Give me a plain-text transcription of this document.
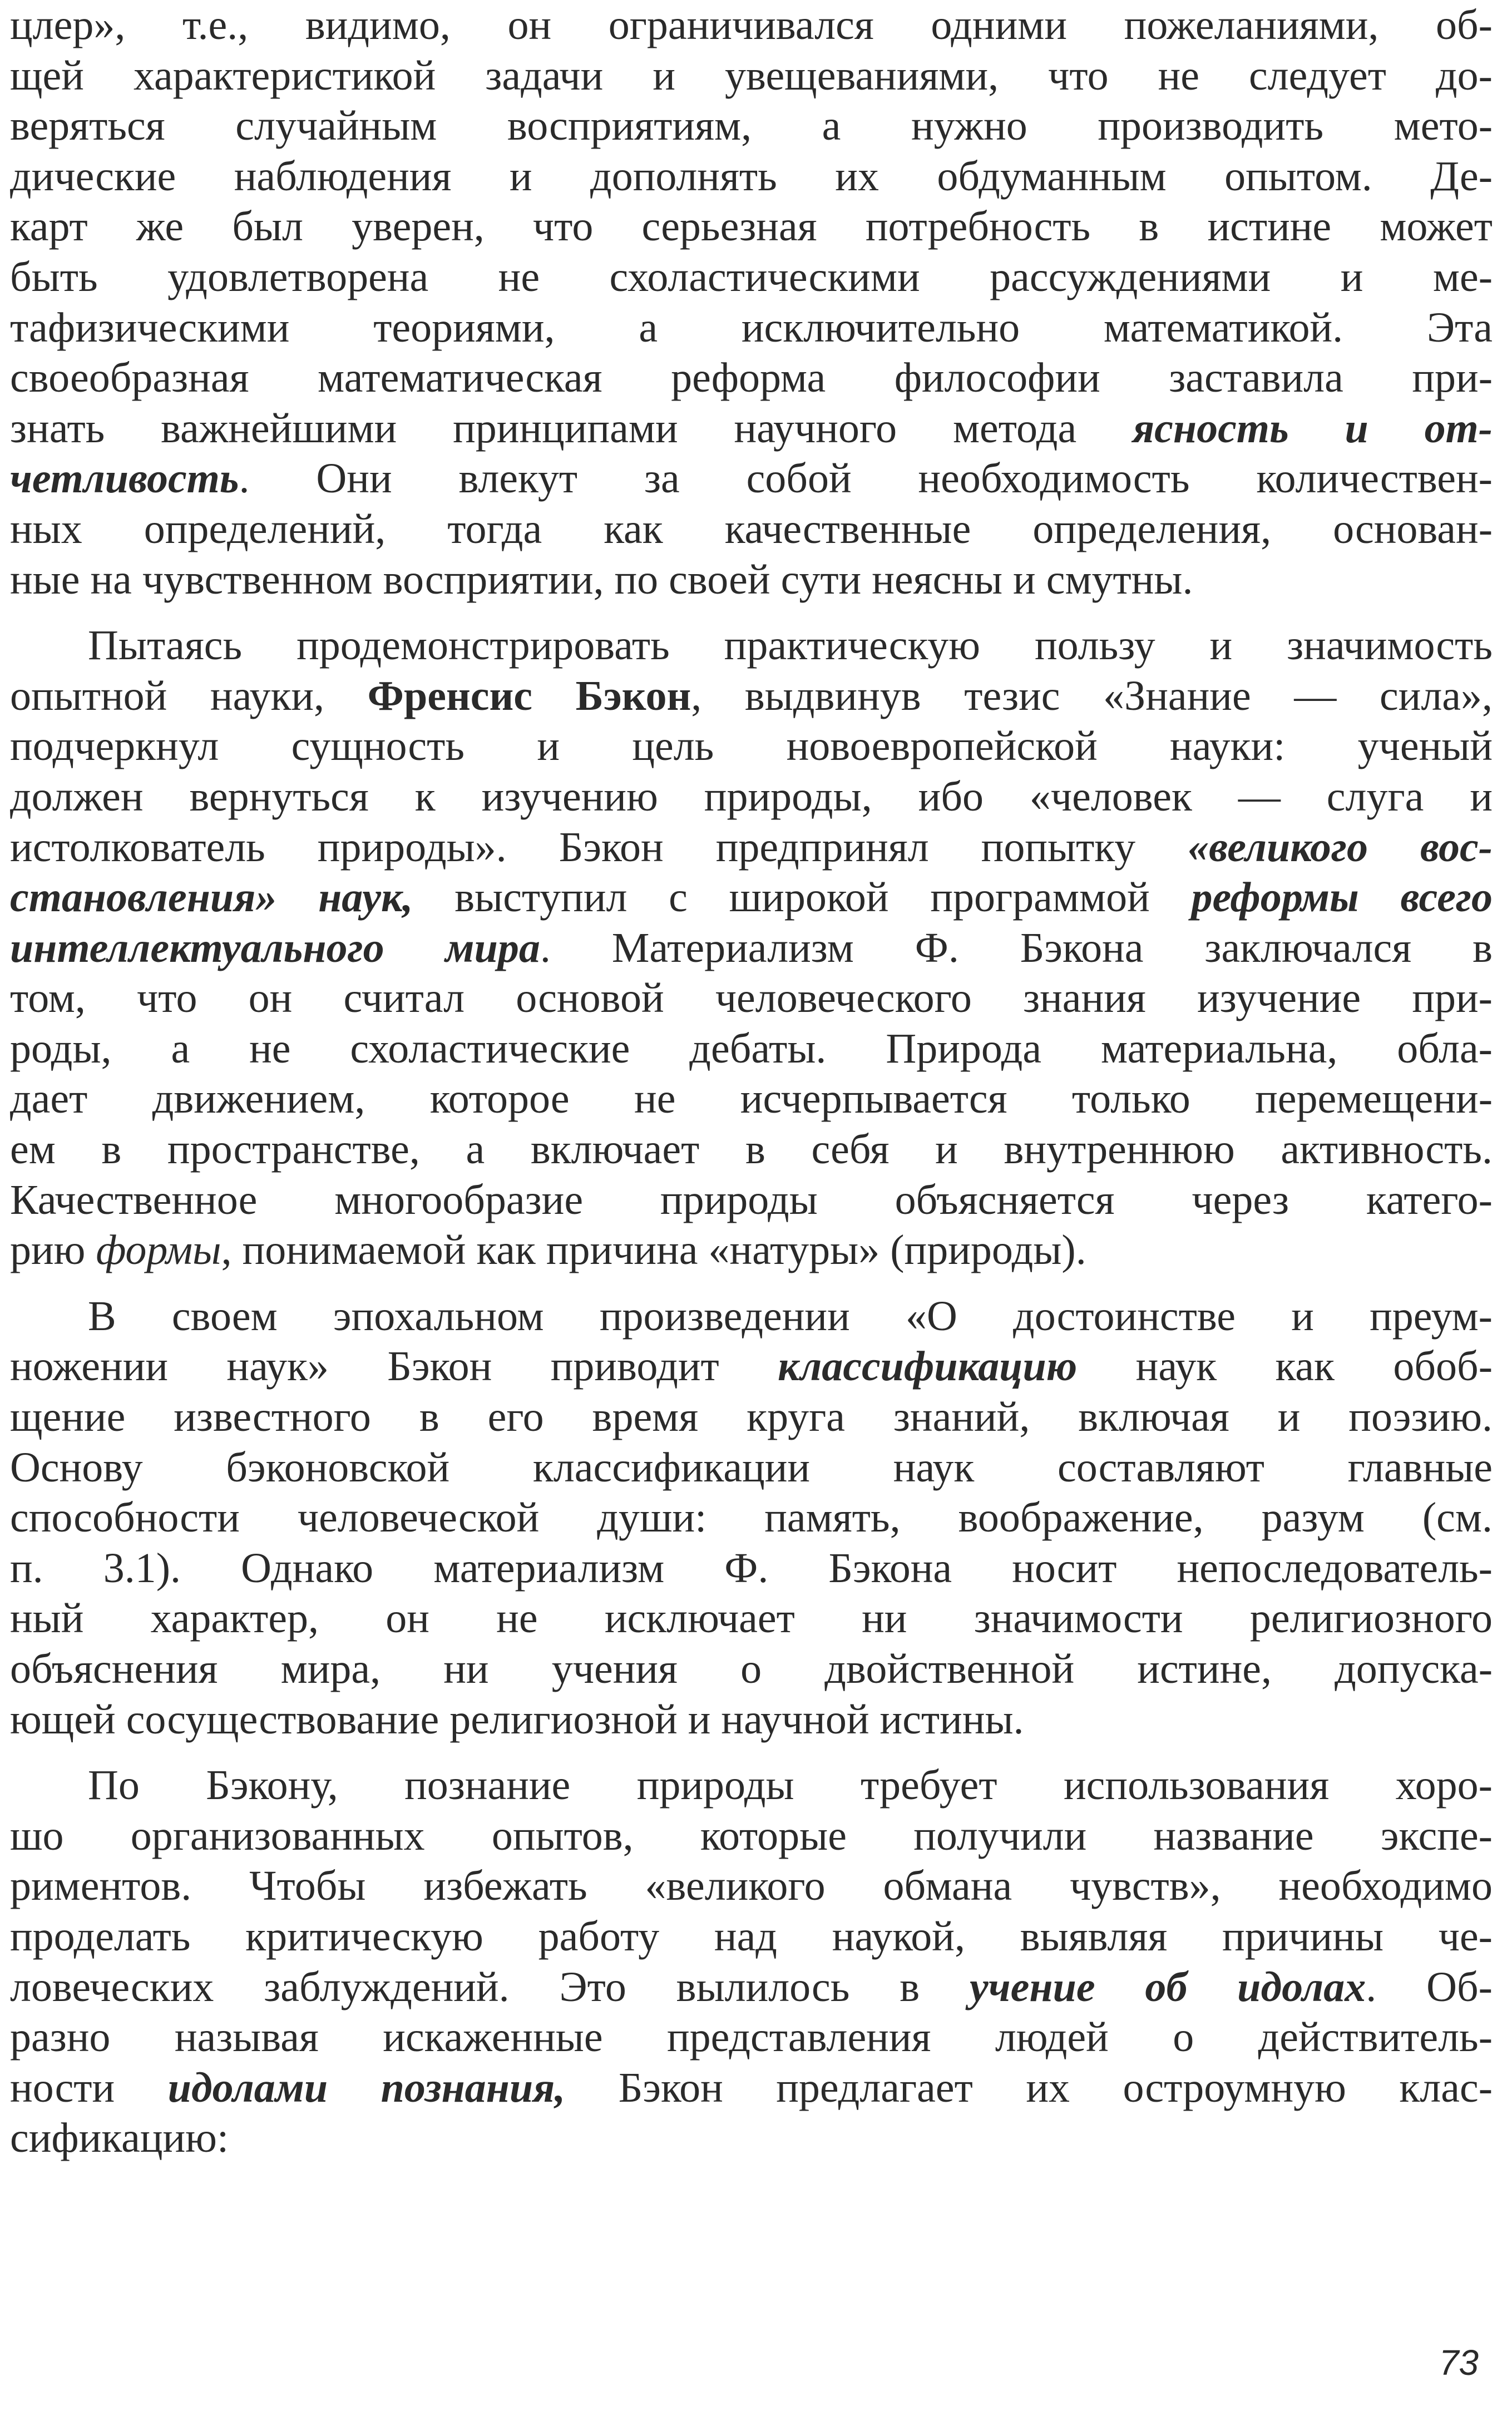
цлер», т.е., видимо, он ограничивался одними пожеланиями, об-
щей характеристикой задачи и увещеваниями, что не следует до-
веряться случайным восприятиям, а нужно производить мето-
дические наблюдения и дополнять их обдуманным опытом. Де-
карт же был уверен, что серьезная потребность в истине может
быть удовлетворена не схоластическими рассуждениями и ме-
тафизическими теориями, а исключительно математикой. Эта
своеобразная математическая реформа философии заставила при-
знать важнейшими принципами научного метода ясность и от-
четливость. Они влекут за собой необходимость количествен-
ных определений, тогда как качественные определения, основан-
ные на чувственном восприятии, по своей сути неясны и смутны.
Пытаясь продемонстрировать практическую пользу и значимость
опытной науки, Френсис Бэкон, выдвинув тезис «Знание — сила»,
подчеркнул сущность и цель новоевропейской науки: ученый
должен вернуться к изучению природы, ибо «человек — слуга и
истолкователь природы». Бэкон предпринял попытку «великого вос-
становления» наук, выступил с широкой программой реформы всего
интеллектуального мира. Материализм Ф. Бэкона заключался в
том, что он считал основой человеческого знания изучение при-
роды, а не схоластические дебаты. Природа материальна, обла-
дает движением, которое не исчерпывается только перемещени-
ем в пространстве, а включает в себя и внутреннюю активность.
Качественное многообразие природы объясняется через катего-
рию формы, понимаемой как причина «натуры» (природы).
В своем эпохальном произведении «О достоинстве и преум-
ножении наук» Бэкон приводит классификацию наук как обоб-
щение известного в его время круга знаний, включая и поэзию.
Основу бэконовской классификации наук составляют главные
способности человеческой души: память, воображение, разум (см.
п. 3.1). Однако материализм Ф. Бэкона носит непоследователь-
ный характер, он не исключает ни значимости религиозного
объяснения мира, ни учения о двойственной истине, допуска-
ющей сосуществование религиозной и научной истины.
По Бэкону, познание природы требует использования хоро-
шо организованных опытов, которые получили название экспе-
риментов. Чтобы избежать «великого обмана чувств», необходимо
проделать критическую работу над наукой, выявляя причины че-
ловеческих заблуждений. Это вылилось в учение об идолах. Об-
разно называя искаженные представления людей о действитель-
ности идолами познания, Бэкон предлагает их остроумную клас-
сификацию:
73
